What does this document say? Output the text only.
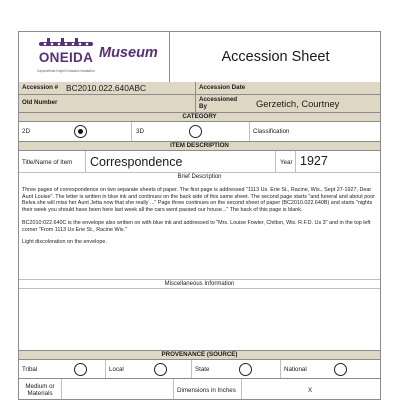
ONEIDA
Kayanlʌhsla Kayeli Kaʌlaka Kanatalho
Museum	Accession Sheet
Accession # BC2010.022.640ABC	Accession Date
Old Number	Accessioned By	Gerzetich, Courtney
CATEGORY
2D	3D	Classification
ITEM DESCRIPTION
Title/Name of Item Correspondence	Year 1927
Brief Description
Three pages of correspondence on two separate sheets of paper. The first page is addressed "1113 Us. Erie St., Racine, Wis., Sept 27-1927, Dear Aunt Louise". The letter is written in blue ink and continues on the back side of this same sheet. The second page starts "and funeral and about poor Belva she will miss her Aunt Jetta now that she really ..." Page three continues on the second sheet of paper (BC2010.022.640B) and starts "nights their week you should have been here last week all the cars went passed our house..." The back of this page is blank.
BC2010:022.640C is the envelope also written on with blue ink and addressed to "Mrs. Louise Fowler, Chilton, Wis. R.F.D. Us 3" and in the top left corner "From 1113 Us Erie St., Racine Wis."
Light discoloration on the envelope.
Miscellaneous Information
PROVENANCE (SOURCE)
Tribal	Local	State	National
Medium or Materials	Dimensions in Inches	X
